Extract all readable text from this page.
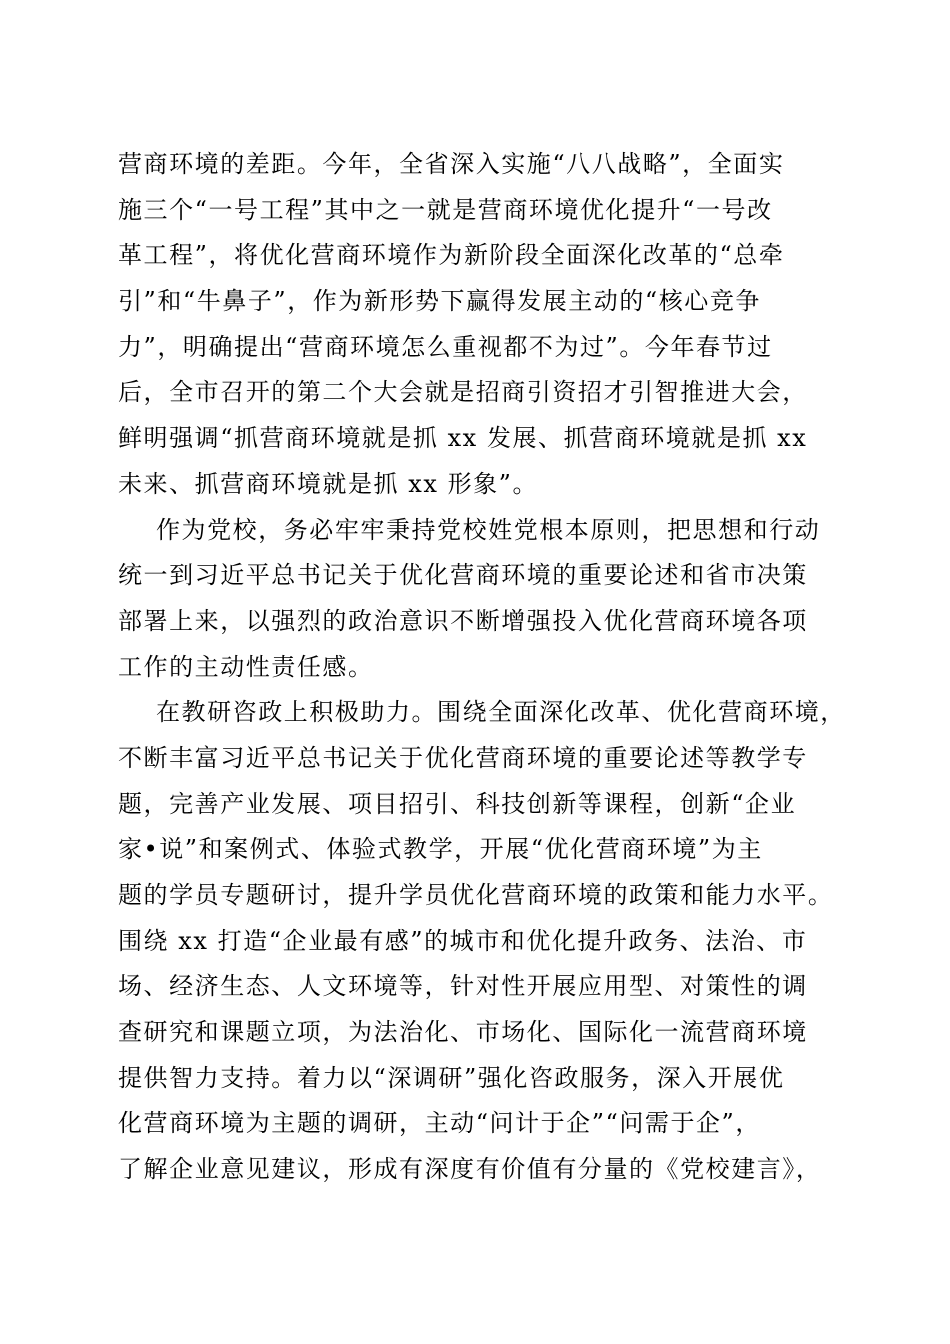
营商环境的差距。今年，全省深入实施“八八战略”，全面实
施三个“一号工程”其中之一就是营商环境优化提升“一号改
革工程”，将优化营商环境作为新阶段全面深化改革的“总牵
引”和“牛鼻子”，作为新形势下赢得发展主动的“核心竞争
力”，明确提出“营商环境怎么重视都不为过”。今年春节过
后，全市召开的第二个大会就是招商引资招才引智推进大会，
鲜明强调“抓营商环境就是抓 xx 发展、抓营商环境就是抓 xx
未来、抓营商环境就是抓 xx 形象”。
作为党校，务必牢牢秉持党校姓党根本原则，把思想和行动
统一到习近平总书记关于优化营商环境的重要论述和省市决策
部署上来，以强烈的政治意识不断增强投入优化营商环境各项
工作的主动性责任感。
在教研咨政上积极助力。围绕全面深化改革、优化营商环境，
不断丰富习近平总书记关于优化营商环境的重要论述等教学专
题，完善产业发展、项目招引、科技创新等课程，创新“企业
家•说”和案例式、体验式教学，开展“优化营商环境”为主
题的学员专题研讨，提升学员优化营商环境的政策和能力水平。
围绕 xx 打造“企业最有感”的城市和优化提升政务、法治、市
场、经济生态、人文环境等，针对性开展应用型、对策性的调
查研究和课题立项，为法治化、市场化、国际化一流营商环境
提供智力支持。着力以“深调研”强化咨政服务，深入开展优
化营商环境为主题的调研，主动“问计于企”“问需于企”，
了解企业意见建议，形成有深度有价值有分量的《党校建言》，
